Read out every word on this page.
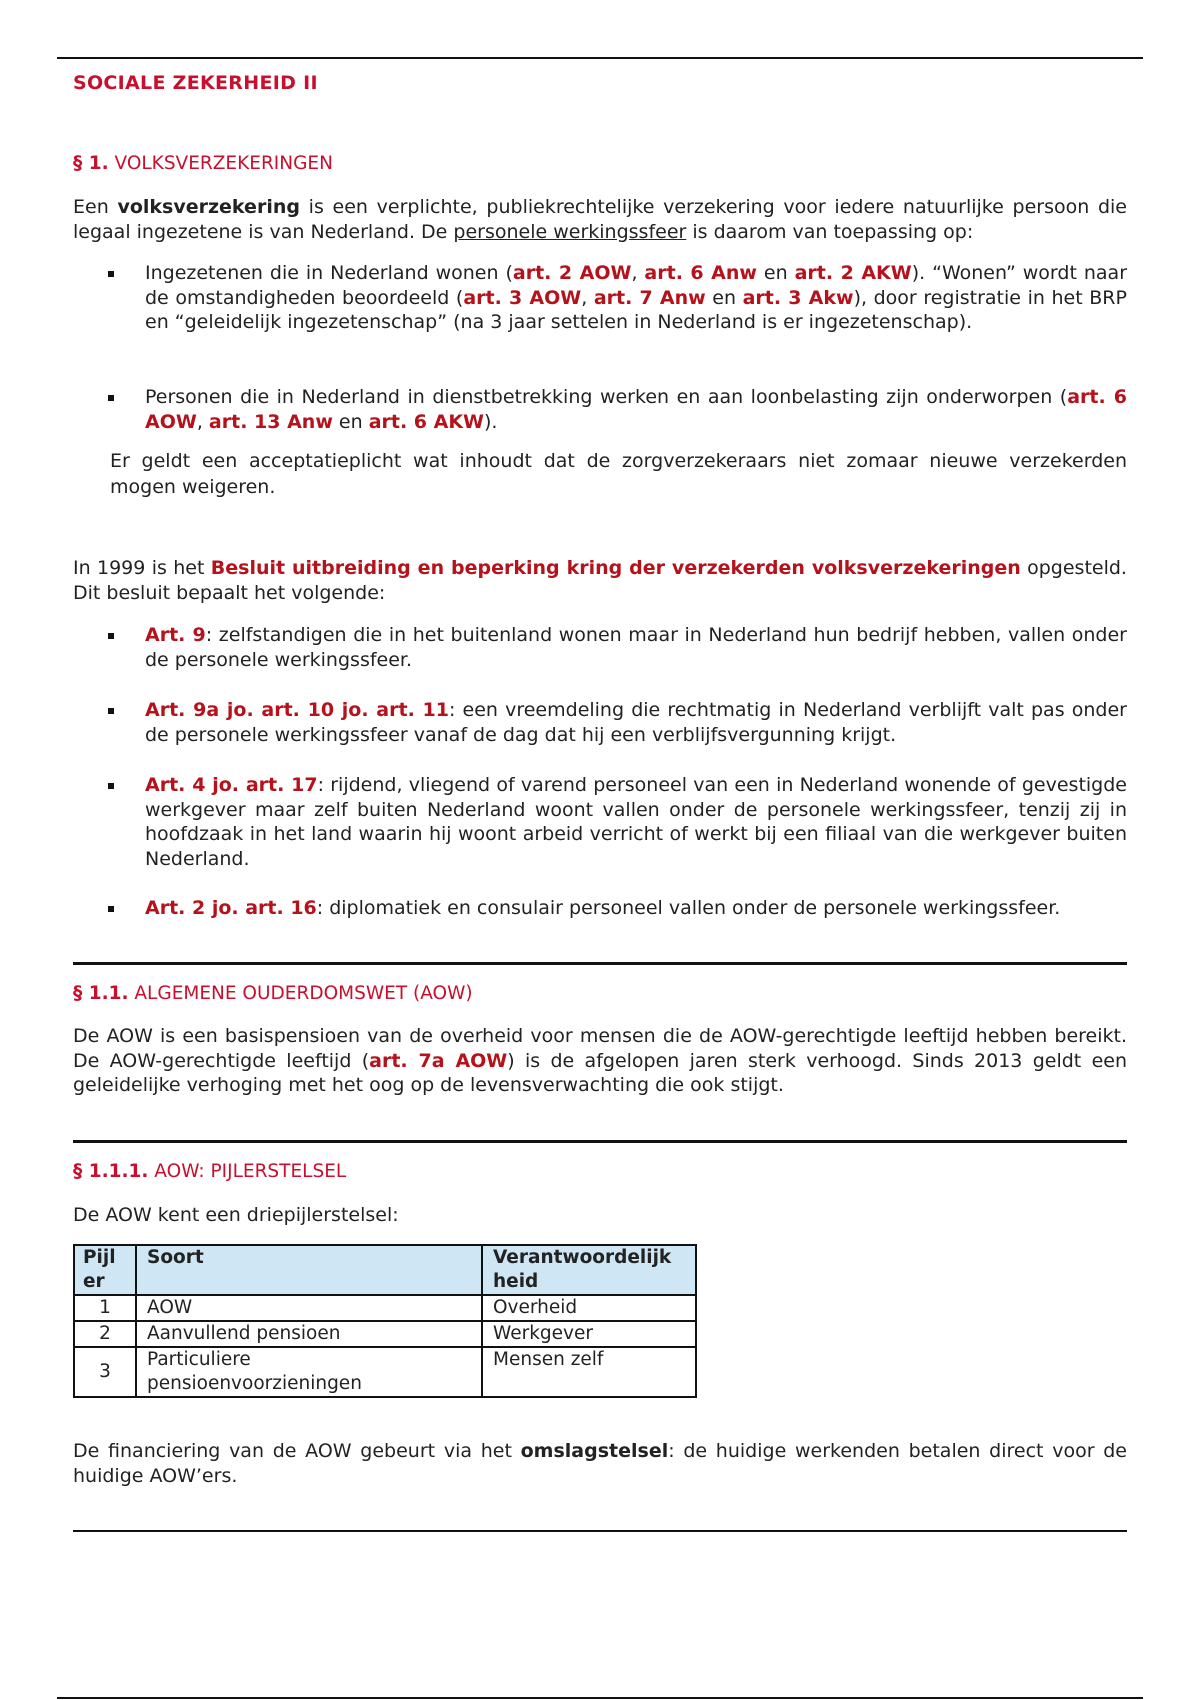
SOCIALE ZEKERHEID II
§ 1. VOLKSVERZEKERINGEN

Een volksverzekering is een verplichte, publiekrechtelijke verzekering voor iedere natuurlijke persoon die legaal ingezetene is van Nederland. De personele werkingssfeer is daarom van toepassing op:

Ingezetenen die in Nederland wonen (art. 2 AOW, art. 6 Anw en art. 2 AKW). “Wonen” wordt naar de omstandigheden beoordeeld (art. 3 AOW, art. 7 Anw en art. 3 Akw), door registratie in het BRP en “geleidelijk ingezetenschap” (na 3 jaar settelen in Nederland is er ingezetenschap).
Personen die in Nederland in dienstbetrekking werken en aan loonbelasting zijn onderworpen (art. 6 AOW, art. 13 Anw en art. 6 AKW).
Er geldt een acceptatieplicht wat inhoudt dat de zorgverzekeraars niet zomaar nieuwe verzekerden mogen weigeren.

In 1999 is het Besluit uitbreiding en beperking kring der verzekerden volksverzekeringen opgesteld. Dit besluit bepaalt het volgende:

Art. 9: zelfstandigen die in het buitenland wonen maar in Nederland hun bedrijf hebben, vallen onder de personele werkingssfeer.
Art. 9a jo. art. 10 jo. art. 11: een vreemdeling die rechtmatig in Nederland verblijft valt pas onder de personele werkingssfeer vanaf de dag dat hij een verblijfsvergunning krijgt.
Art. 4 jo. art. 17: rijdend, vliegend of varend personeel van een in Nederland wonende of gevestigde werkgever maar zelf buiten Nederland woont vallen onder de personele werkingssfeer, tenzij zij in hoofdzaak in het land waarin hij woont arbeid verricht of werkt bij een filiaal van die werkgever buiten Nederland.
Art. 2 jo. art. 16: diplomatiek en consulair personeel vallen onder de personele werkingssfeer.
§ 1.1. ALGEMENE OUDERDOMSWET (AOW)

De AOW is een basispensioen van de overheid voor mensen die de AOW-gerechtigde leeftijd hebben bereikt. De AOW-gerechtigde leeftijd (art. 7a AOW) is de afgelopen jaren sterk verhoogd. Sinds 2013 geldt een geleidelijke verhoging met het oog op de levensverwachting die ook stijgt.

§ 1.1.1. AOW: PIJLERSTELSEL

De AOW kent een driepijlerstelsel:

Pijl
er	Soort	Verantwoordelijk
heid
1	AOW	Overheid
2	Aanvullend pensioen	Werkgever
3	Particuliere
pensioenvoorzieningen	Mensen zelf

De financiering van de AOW gebeurt via het omslagstelsel: de huidige werkenden betalen direct voor de huidige AOW’ers.
